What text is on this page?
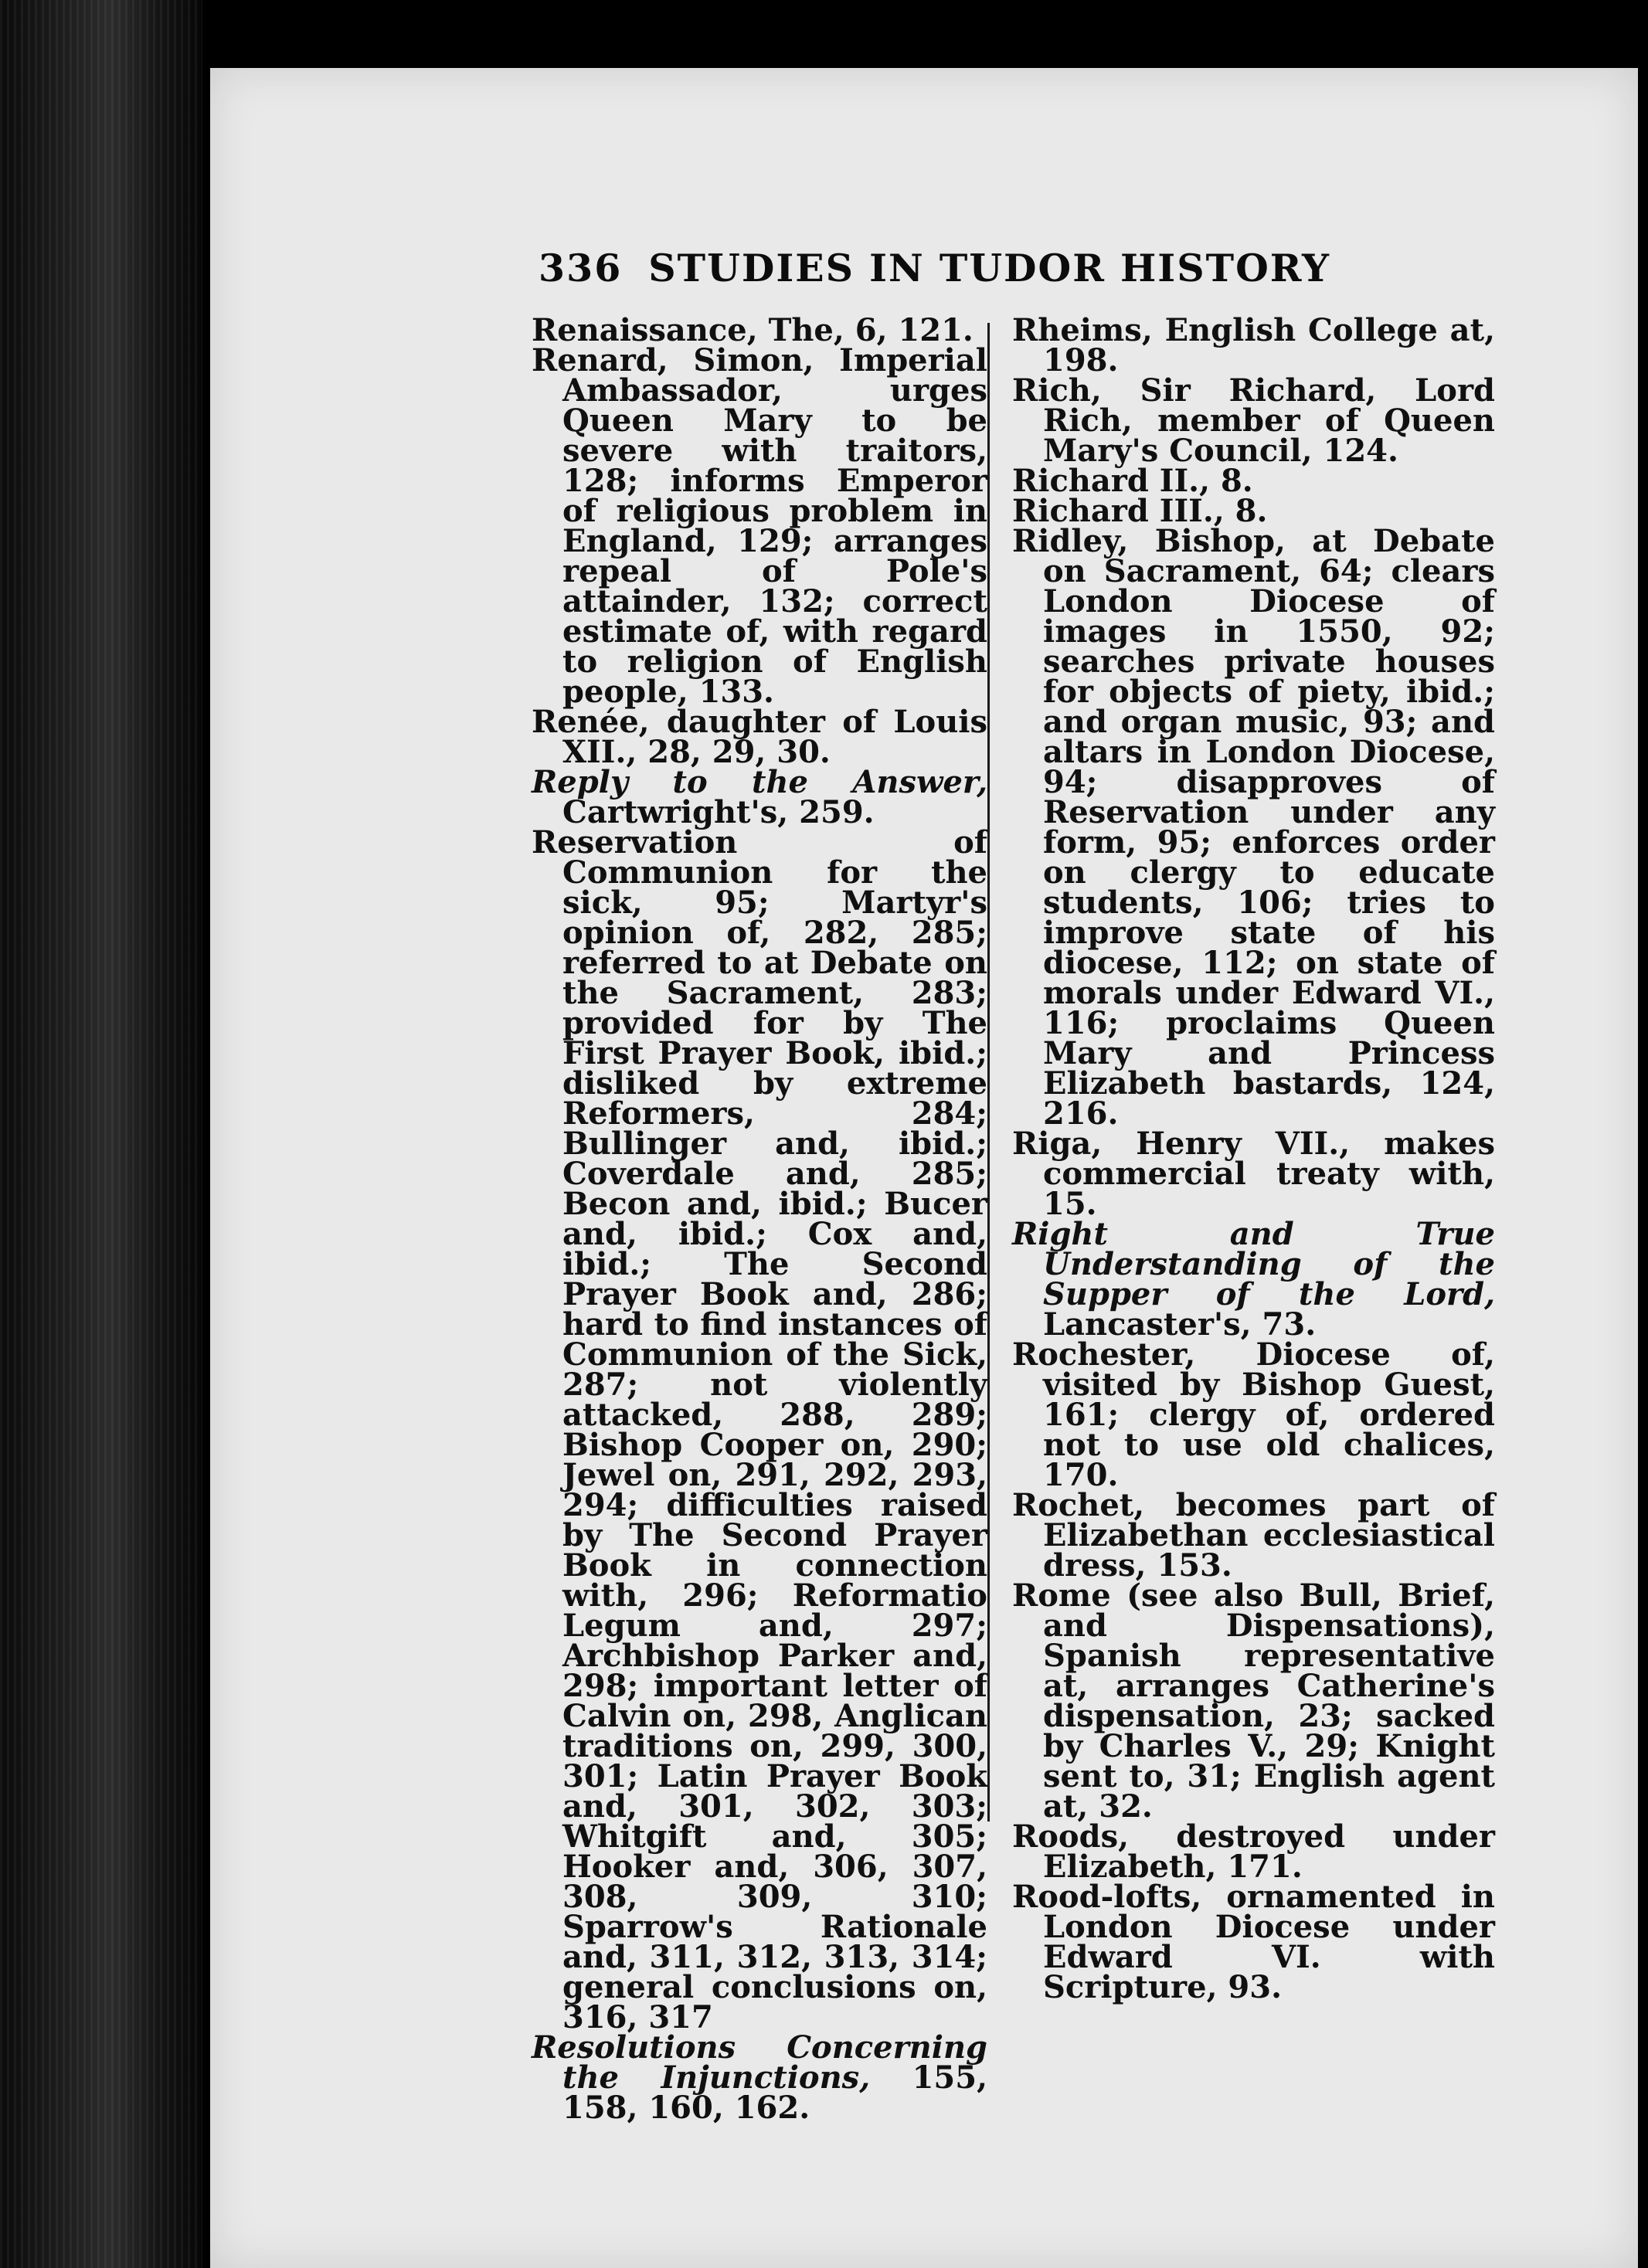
336 STUDIES IN TUDOR HISTORY

Renaissance, The, 6, 121.

Renard, Simon, Imperial Ambassador, urges Queen Mary to be severe with traitors, 128; informs Emperor of religious problem in England, 129; arranges repeal of Pole's attainder, 132; correct estimate of, with regard to religion of English people, 133.

Renée, daughter of Louis XII., 28, 29, 30.

Reply to the Answer, Cartwright's, 259.

Reservation of Communion for the sick, 95; Martyr's opinion of, 282, 285; referred to at Debate on the Sacrament, 283; provided for by The First Prayer Book, ibid.; disliked by extreme Reformers, 284; Bullinger and, ibid.; Coverdale and, 285; Becon and, ibid.; Bucer and, ibid.; Cox and, ibid.; The Second Prayer Book and, 286; hard to find instances of Communion of the Sick, 287; not violently attacked, 288, 289; Bishop Cooper on, 290; Jewel on, 291, 292, 293, 294; difficulties raised by The Second Prayer Book in connection with, 296; Reformatio Legum and, 297; Archbishop Parker and, 298; important letter of Calvin on, 298, Anglican traditions on, 299, 300, 301; Latin Prayer Book and, 301, 302, 303; Whitgift and, 305; Hooker and, 306, 307, 308, 309, 310; Sparrow's Rationale and, 311, 312, 313, 314; general conclusions on, 316, 317

Resolutions Concerning the Injunctions, 155, 158, 160, 162.

Rheims, English College at, 198.

Rich, Sir Richard, Lord Rich, member of Queen Mary's Council, 124.

Richard II., 8.

Richard III., 8.

Ridley, Bishop, at Debate on Sacrament, 64; clears London Diocese of images in 1550, 92; searches private houses for objects of piety, ibid.; and organ music, 93; and altars in London Diocese, 94; disapproves of Reservation under any form, 95; enforces order on clergy to educate students, 106; tries to improve state of his diocese, 112; on state of morals under Edward VI., 116; proclaims Queen Mary and Princess Elizabeth bastards, 124, 216.

Riga, Henry VII., makes commercial treaty with, 15.

Right and True Understanding of the Supper of the Lord, Lancaster's, 73.

Rochester, Diocese of, visited by Bishop Guest, 161; clergy of, ordered not to use old chalices, 170.

Rochet, becomes part of Elizabethan ecclesiastical dress, 153.

Rome (see also Bull, Brief, and Dispensations), Spanish representative at, arranges Catherine's dispensation, 23; sacked by Charles V., 29; Knight sent to, 31; English agent at, 32.

Roods, destroyed under Elizabeth, 171.

Rood-lofts, ornamented in London Diocese under Edward VI. with Scripture, 93.
